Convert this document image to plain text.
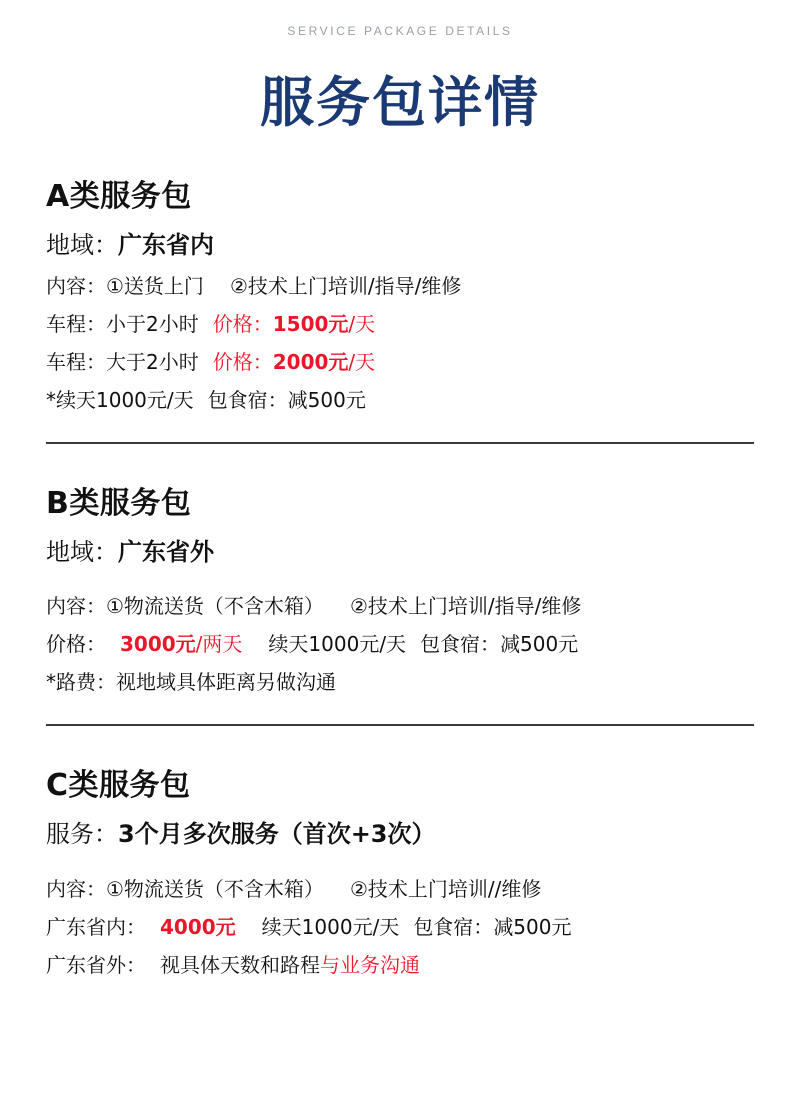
SERVICE PACKAGE DETAILS
服务包详情
A类服务包
地域：广东省内
内容：①送货上门 ②技术上门培训/指导/维修
车程：小于2小时 价格：1500元/天
车程：大于2小时 价格：2000元/天
*续天1000元/天 包食宿：减500元
B类服务包
地域：广东省外
内容：①物流送货（不含木箱） ②技术上门培训/指导/维修
价格： 3000元/两天 续天1000元/天 包食宿：减500元
*路费：视地域具体距离另做沟通
C类服务包
服务：3个月多次服务（首次+3次）
内容：①物流送货（不含木箱） ②技术上门培训//维修
广东省内： 4000元 续天1000元/天 包食宿：减500元
广东省外： 视具体天数和路程与业务沟通
